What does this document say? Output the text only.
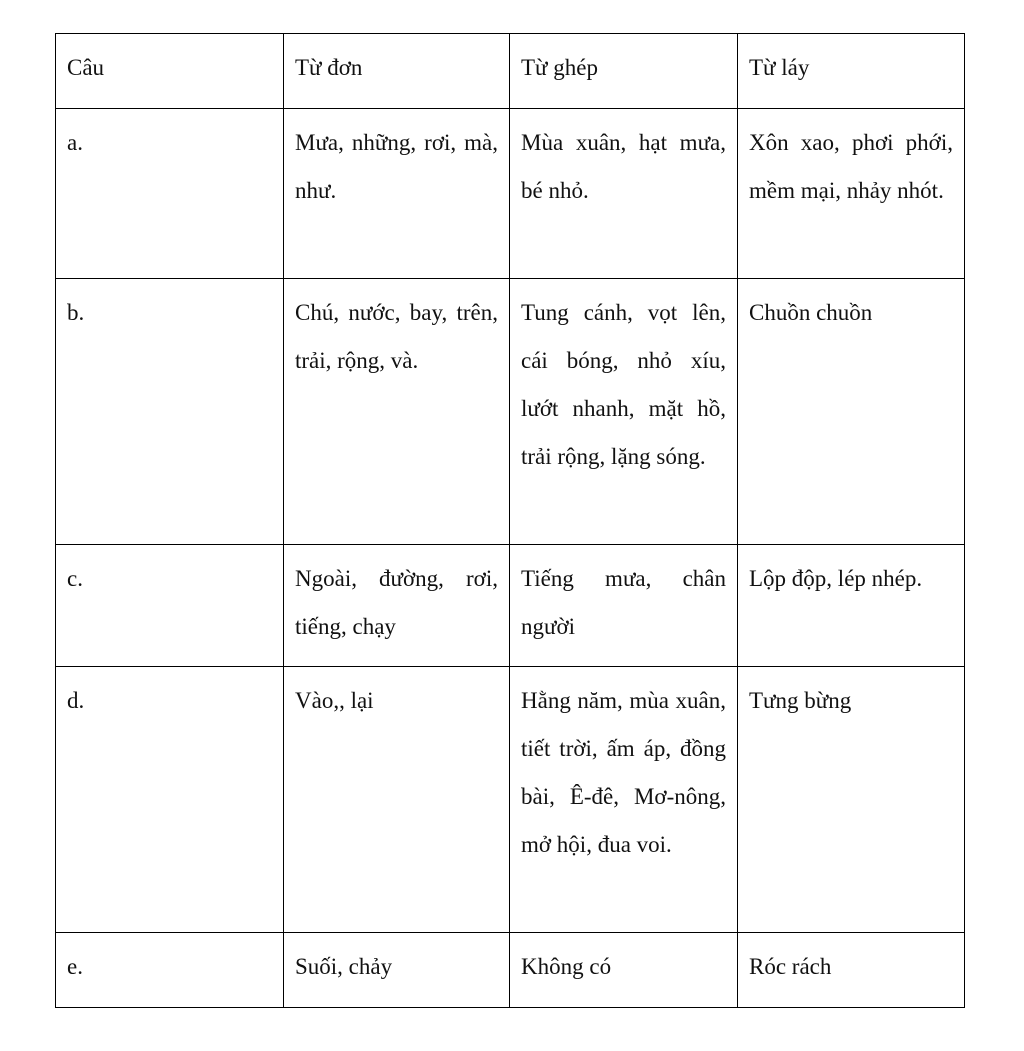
Câu	Từ đơn	Từ ghép	Từ láy
a.	Mưa, những, rơi, mà, như.	Mùa xuân, hạt mưa, bé nhỏ.	Xôn xao, phơi phới, mềm mại, nhảy nhót.
b.	Chú, nước, bay, trên, trải, rộng, và.	Tung cánh, vọt lên, cái bóng, nhỏ xíu, lướt nhanh, mặt hồ, trải rộng, lặng sóng.	Chuồn chuồn
c.	Ngoài, đường, rơi, tiếng, chạy	Tiếng mưa, chân người	Lộp độp, lép nhép.
d.	Vào,, lại	Hằng năm, mùa xuân, tiết trời, ấm áp, đồng bài, Ê-đê, Mơ-nông, mở hội, đua voi.	Tưng bừng
e.	Suối, chảy	Không có	Róc rách
